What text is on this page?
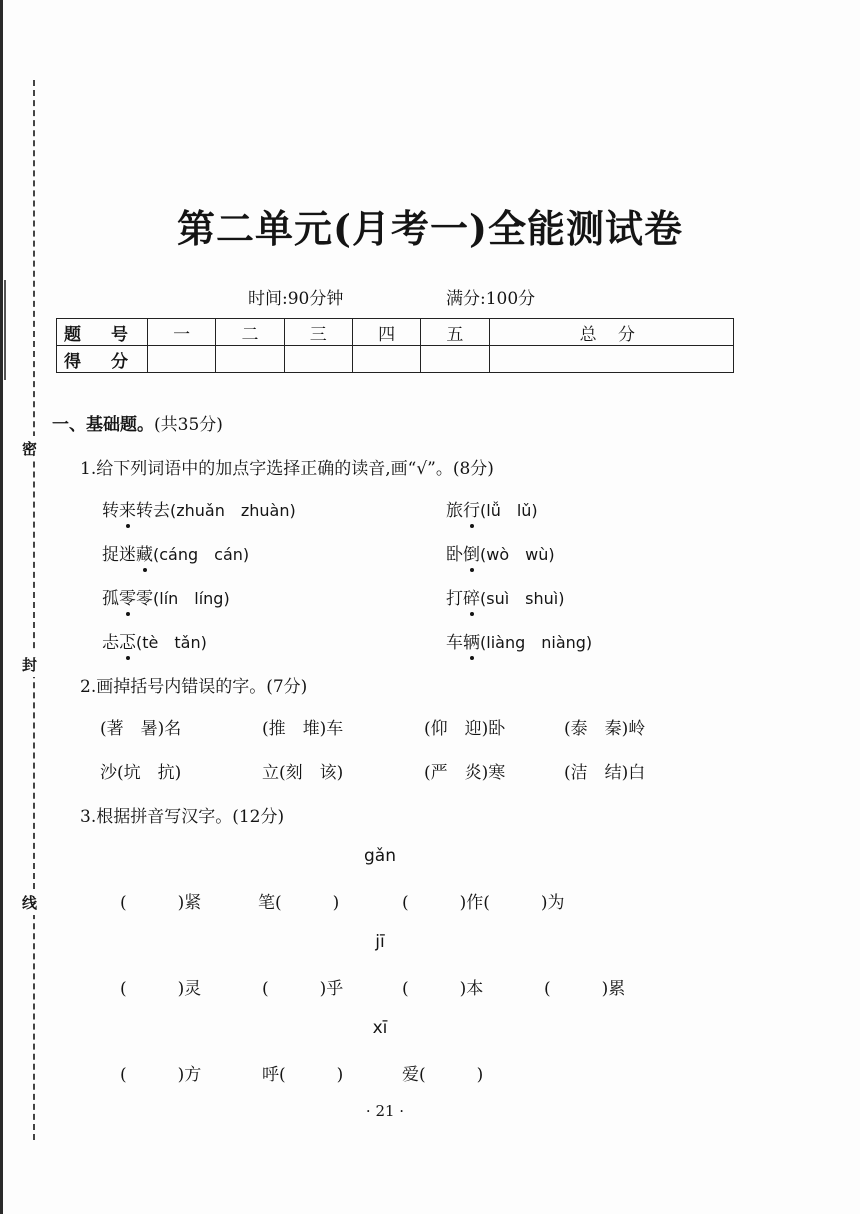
密
封
线
第二单元(月考一)全能测试卷
时间:90分钟	满分:100分
题 号	一	二	三	四	五	总 分
得 分						
一、基础题。(共35分)
1.给下列词语中的加点字选择正确的读音,画“√”。(8分)
转来转去(zhuǎn　zhuàn)	旅行(lǚ　lǔ)
捉迷藏(cáng　cán)	卧倒(wò　wù)
孤零零(lín　líng)	打碎(suì　shuì)
忐忑(tè　tǎn)	车辆(liàng　niàng)
2.画掉括号内错误的字。(7分)
(著　暑)名	(推　堆)车	(仰　迎)卧	(泰　秦)岭
沙(坑　抗)	立(刻　该)	(严　炎)寒	(洁　结)白
3.根据拼音写汉字。(12分)
gǎn
(　　　)紧	笔(　　　)	(　　　)作(　　　)为
jī
(　　　)灵	(　　　)乎	(　　　)本	(　　　)累
xī
(　　　)方	呼(　　　)	爱(　　　)
· 21 ·
